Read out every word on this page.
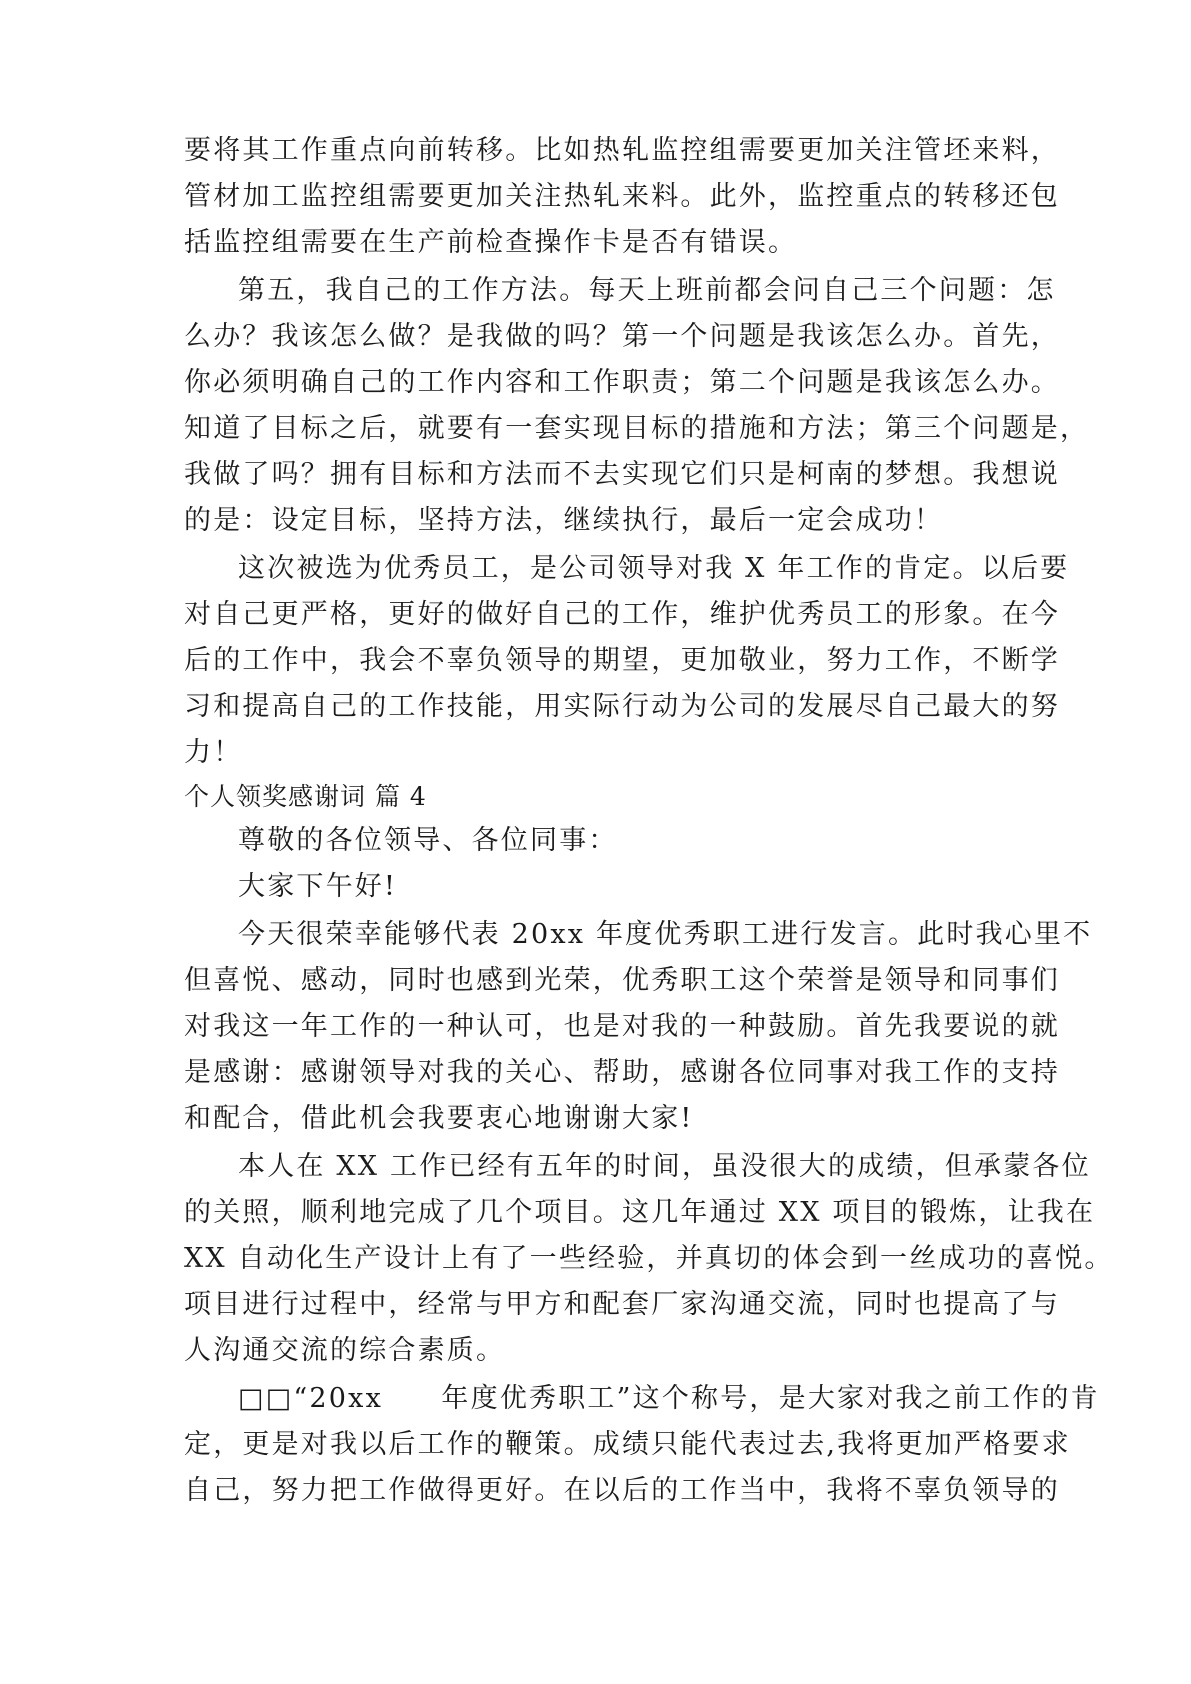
要将其工作重点向前转移。比如热轧监控组需要更加关注管坯来料，
管材加工监控组需要更加关注热轧来料。此外，监控重点的转移还包
括监控组需要在生产前检查操作卡是否有错误。
第五，我自己的工作方法。每天上班前都会问自己三个问题：怎
么办？我该怎么做？是我做的吗？第一个问题是我该怎么办。首先，
你必须明确自己的工作内容和工作职责；第二个问题是我该怎么办。
知道了目标之后，就要有一套实现目标的措施和方法；第三个问题是，
我做了吗？拥有目标和方法而不去实现它们只是柯南的梦想。我想说
的是：设定目标，坚持方法，继续执行，最后一定会成功！
这次被选为优秀员工，是公司领导对我 X 年工作的肯定。以后要
对自己更严格，更好的做好自己的工作，维护优秀员工的形象。在今
后的工作中，我会不辜负领导的期望，更加敬业，努力工作，不断学
习和提高自己的工作技能，用实际行动为公司的发展尽自己最大的努
力！
个人领奖感谢词 篇 4
尊敬的各位领导、各位同事：
大家下午好!
今天很荣幸能够代表 20xx 年度优秀职工进行发言。此时我心里不
但喜悦、感动，同时也感到光荣，优秀职工这个荣誉是领导和同事们
对我这一年工作的一种认可，也是对我的一种鼓励。首先我要说的就
是感谢：感谢领导对我的关心、帮助，感谢各位同事对我工作的支持
和配合，借此机会我要衷心地谢谢大家!
本人在 XX 工作已经有五年的时间，虽没很大的成绩，但承蒙各位
的关照，顺利地完成了几个项目。这几年通过 XX 项目的锻炼，让我在
XX 自动化生产设计上有了一些经验，并真切的体会到一丝成功的喜悦。
项目进行过程中，经常与甲方和配套厂家沟通交流，同时也提高了与
人沟通交流的综合素质。
□□“20xx　　年度优秀职工”这个称号，是大家对我之前工作的肯
定，更是对我以后工作的鞭策。成绩只能代表过去,我将更加严格要求
自己，努力把工作做得更好。在以后的工作当中，我将不辜负领导的
